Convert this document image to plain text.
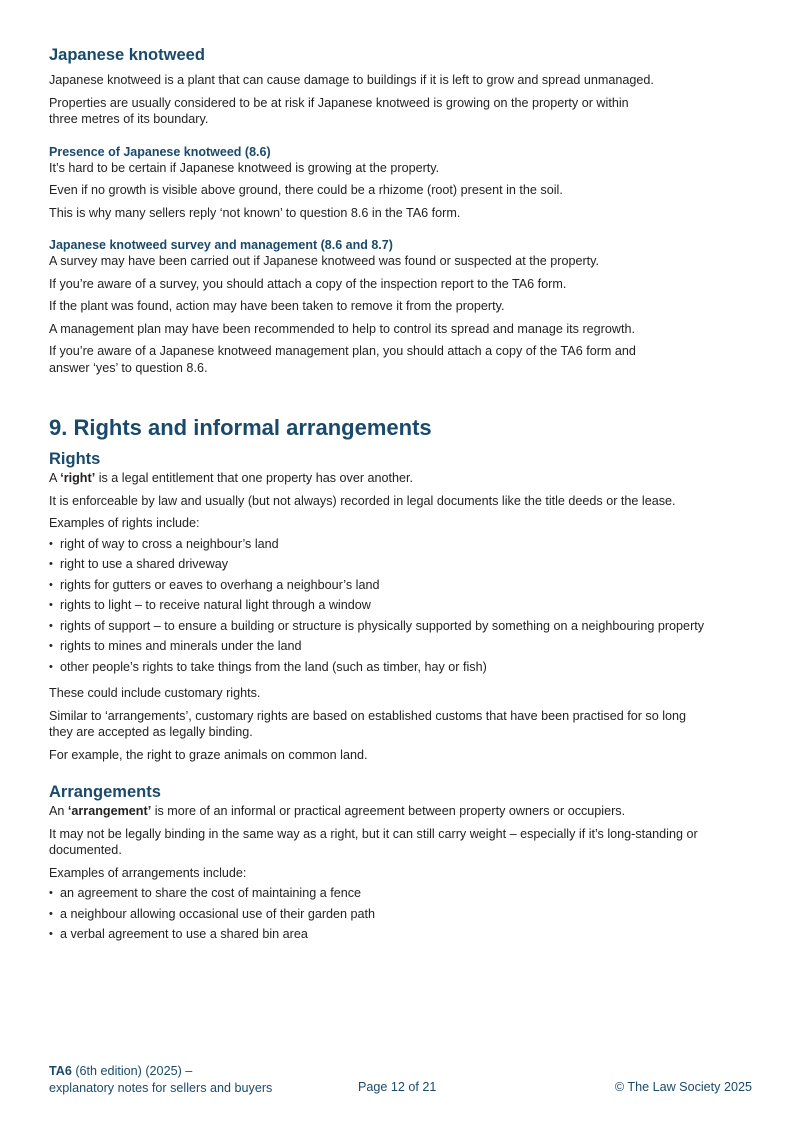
Japanese knotweed

Japanese knotweed is a plant that can cause damage to buildings if it is left to grow and spread unmanaged.

Properties are usually considered to be at risk if Japanese knotweed is growing on the property or within
three metres of its boundary.

Presence of Japanese knotweed (8.6)

It’s hard to be certain if Japanese knotweed is growing at the property.

Even if no growth is visible above ground, there could be a rhizome (root) present in the soil.

This is why many sellers reply ‘not known’ to question 8.6 in the TA6 form.

Japanese knotweed survey and management (8.6 and 8.7)

A survey may have been carried out if Japanese knotweed was found or suspected at the property.

If you’re aware of a survey, you should attach a copy of the inspection report to the TA6 form.

If the plant was found, action may have been taken to remove it from the property.

A management plan may have been recommended to help to control its spread and manage its regrowth.

If you’re aware of a Japanese knotweed management plan, you should attach a copy of the TA6 form and
answer ‘yes’ to question 8.6.

9. Rights and informal arrangements
Rights

A ‘right’ is a legal entitlement that one property has over another.

It is enforceable by law and usually (but not always) recorded in legal documents like the title deeds or the lease.

Examples of rights include:

• right of way to cross a neighbour’s land
• right to use a shared driveway
• rights for gutters or eaves to overhang a neighbour’s land
• rights to light – to receive natural light through a window
• rights of support – to ensure a building or structure is physically supported by something on a neighbouring property
• rights to mines and minerals under the land
• other people’s rights to take things from the land (such as timber, hay or fish)

These could include customary rights.

Similar to ‘arrangements’, customary rights are based on established customs that have been practised for so long
they are accepted as legally binding.

For example, the right to graze animals on common land.

Arrangements

An ‘arrangement’ is more of an informal or practical agreement between property owners or occupiers.

It may not be legally binding in the same way as a right, but it can still carry weight – especially if it’s long-standing or
documented.

Examples of arrangements include:

• an agreement to share the cost of maintaining a fence
• a neighbour allowing occasional use of their garden path
• a verbal agreement to use a shared bin area
TA6 (6th edition) (2025) –
explanatory notes for sellers and buyers	Page 12 of 21	© The Law Society 2025
